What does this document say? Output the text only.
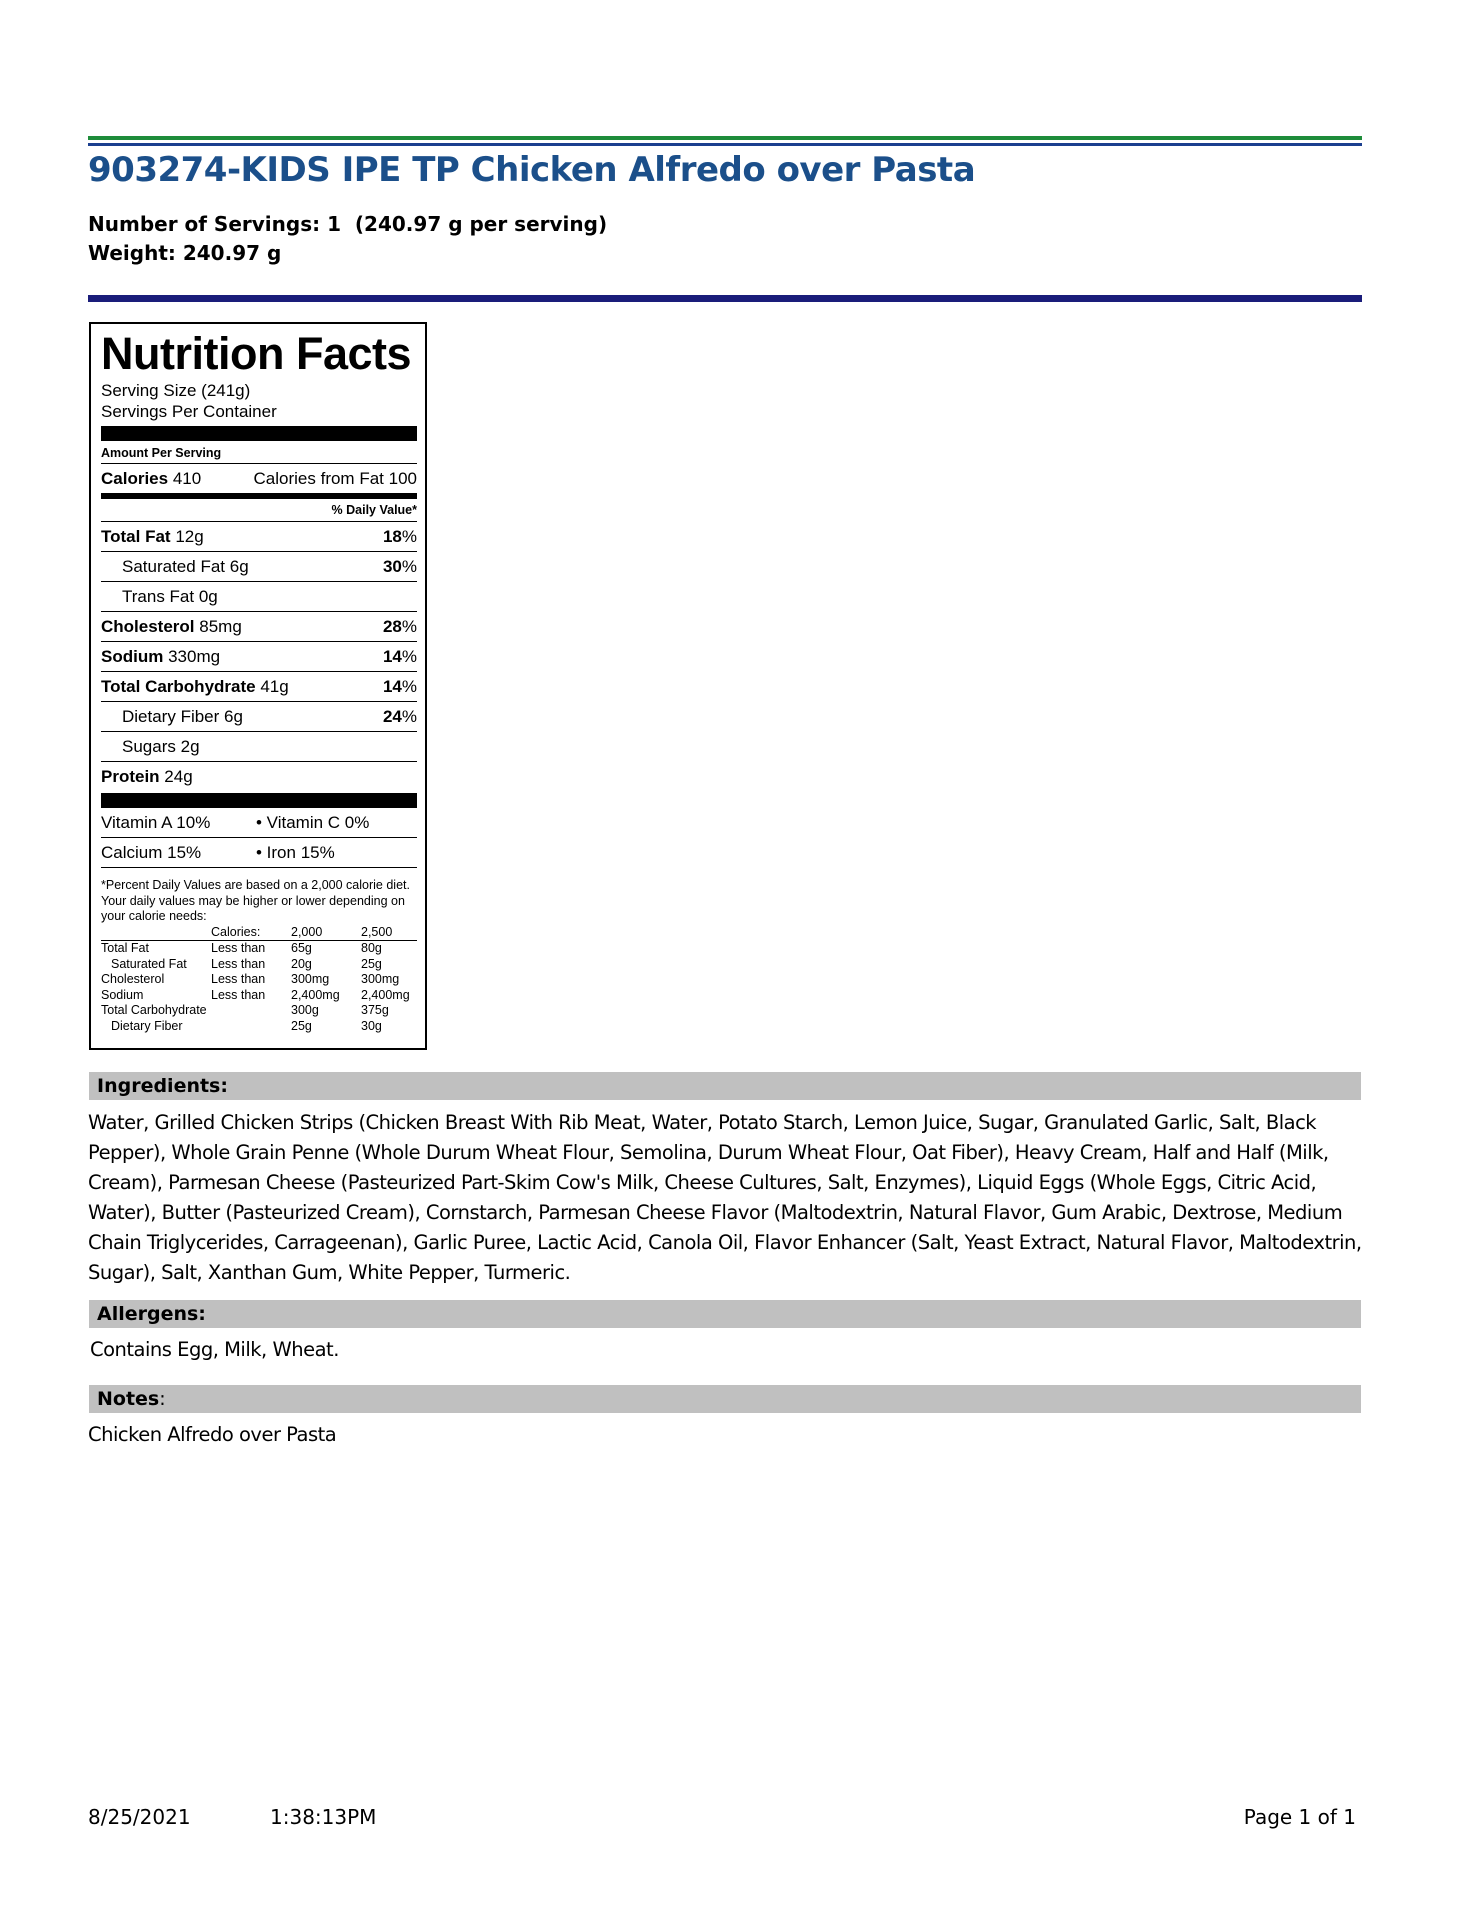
903274-KIDS IPE TP Chicken Alfredo over Pasta
Number of Servings: 1  (240.97 g per serving)
Weight: 240.97 g
Nutrition Facts
Serving Size (241g)
Servings Per Container
Amount Per Serving
Calories 410	Calories from Fat 100
% Daily Value*
Total Fat 12g	18%
Saturated Fat 6g	30%
Trans Fat 0g
Cholesterol 85mg	28%
Sodium 330mg	14%
Total Carbohydrate 41g	14%
Dietary Fiber 6g	24%
Sugars 2g
Protein 24g
Vitamin A 10%	• Vitamin C 0%
Calcium 15%	• Iron 15%
*Percent Daily Values are based on a 2,000 calorie diet. Your daily values may be higher or lower depending on your calorie needs:
	Calories:	2,000	2,500
Total Fat	Less than	65g	80g
Saturated Fat	Less than	20g	25g
Cholesterol	Less than	300mg	300mg
Sodium	Less than	2,400mg	2,400mg
Total Carbohydrate		300g	375g
Dietary Fiber		25g	30g
Ingredients:
Water, Grilled Chicken Strips (Chicken Breast With Rib Meat, Water, Potato Starch, Lemon Juice, Sugar, Granulated Garlic, Salt, Black Pepper), Whole Grain Penne (Whole Durum Wheat Flour, Semolina, Durum Wheat Flour, Oat Fiber), Heavy Cream, Half and Half (Milk, Cream), Parmesan Cheese (Pasteurized Part-Skim Cow's Milk, Cheese Cultures, Salt, Enzymes), Liquid Eggs (Whole Eggs, Citric Acid, Water), Butter (Pasteurized Cream), Cornstarch, Parmesan Cheese Flavor (Maltodextrin, Natural Flavor, Gum Arabic, Dextrose, Medium Chain Triglycerides, Carrageenan), Garlic Puree, Lactic Acid, Canola Oil, Flavor Enhancer (Salt, Yeast Extract, Natural Flavor, Maltodextrin, Sugar), Salt, Xanthan Gum, White Pepper, Turmeric.
Allergens:
Contains Egg, Milk, Wheat.
Notes:
Chicken Alfredo over Pasta
8/25/2021	1:38:13PM	Page 1 of 1
